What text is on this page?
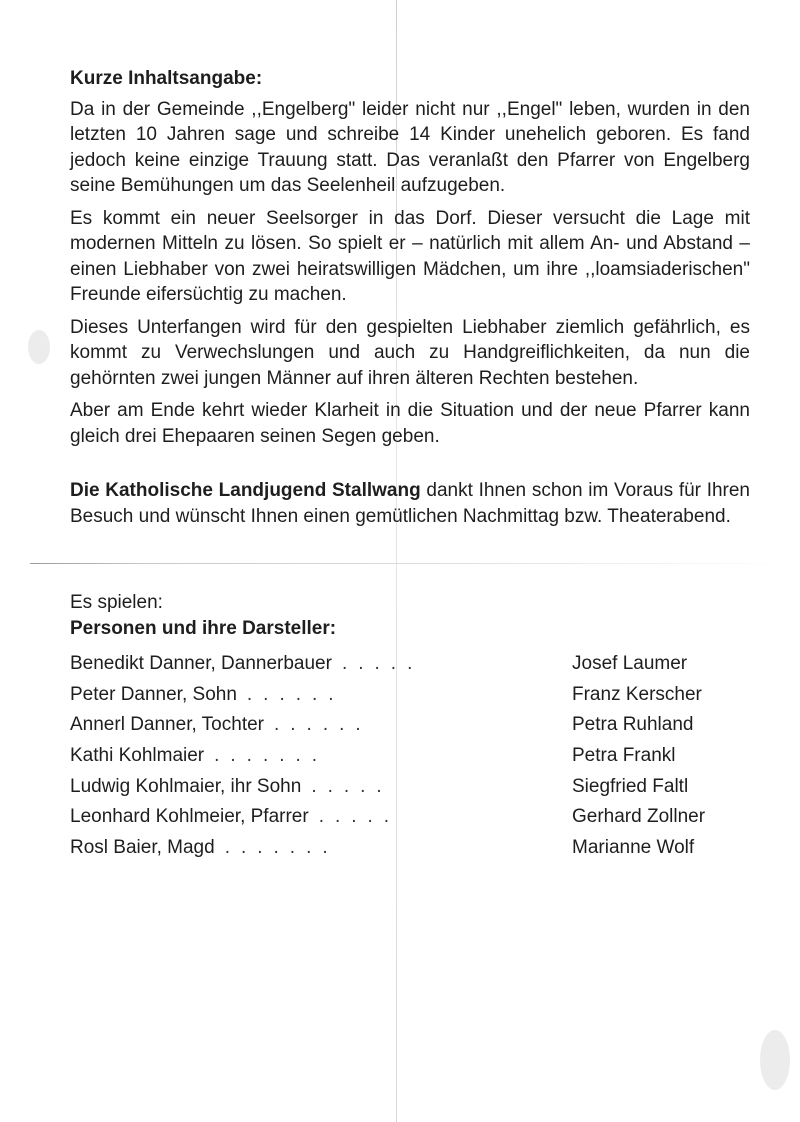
Kurze Inhaltsangabe:

Da in der Gemeinde ,,Engelberg" leider nicht nur ,,Engel" leben, wurden in den letzten 10 Jahren sage und schreibe 14 Kinder unehelich geboren. Es fand jedoch keine einzige Trauung statt. Das veranlaßt den Pfarrer von Engelberg seine Bemühungen um das Seelenheil aufzugeben.

Es kommt ein neuer Seelsorger in das Dorf. Dieser versucht die Lage mit modernen Mitteln zu lösen. So spielt er – natürlich mit allem An- und Abstand – einen Liebhaber von zwei heiratswilligen Mädchen, um ihre ,,loamsiaderischen" Freunde eifersüchtig zu machen.

Dieses Unterfangen wird für den gespielten Liebhaber ziemlich gefährlich, es kommt zu Verwechslungen und auch zu Handgreiflichkeiten, da nun die gehörnten zwei jungen Männer auf ihren älteren Rechten bestehen.

Aber am Ende kehrt wieder Klarheit in die Situation und der neue Pfarrer kann gleich drei Ehepaaren seinen Segen geben.

Die Katholische Landjugend Stallwang dankt Ihnen schon im Voraus für Ihren Besuch und wünscht Ihnen einen gemütlichen Nachmittag bzw. Theaterabend.

Es spielen:
Personen und ihre Darsteller:
Benedikt Danner, Dannerbauer .....	Josef Laumer
Peter Danner, Sohn ......	Franz Kerscher
Annerl Danner, Tochter ......	Petra Ruhland
Kathi Kohlmaier .......	Petra Frankl
Ludwig Kohlmaier, ihr Sohn .....	Siegfried Faltl
Leonhard Kohlmeier, Pfarrer .....	Gerhard Zollner
Rosl Baier, Magd .......	Marianne Wolf
